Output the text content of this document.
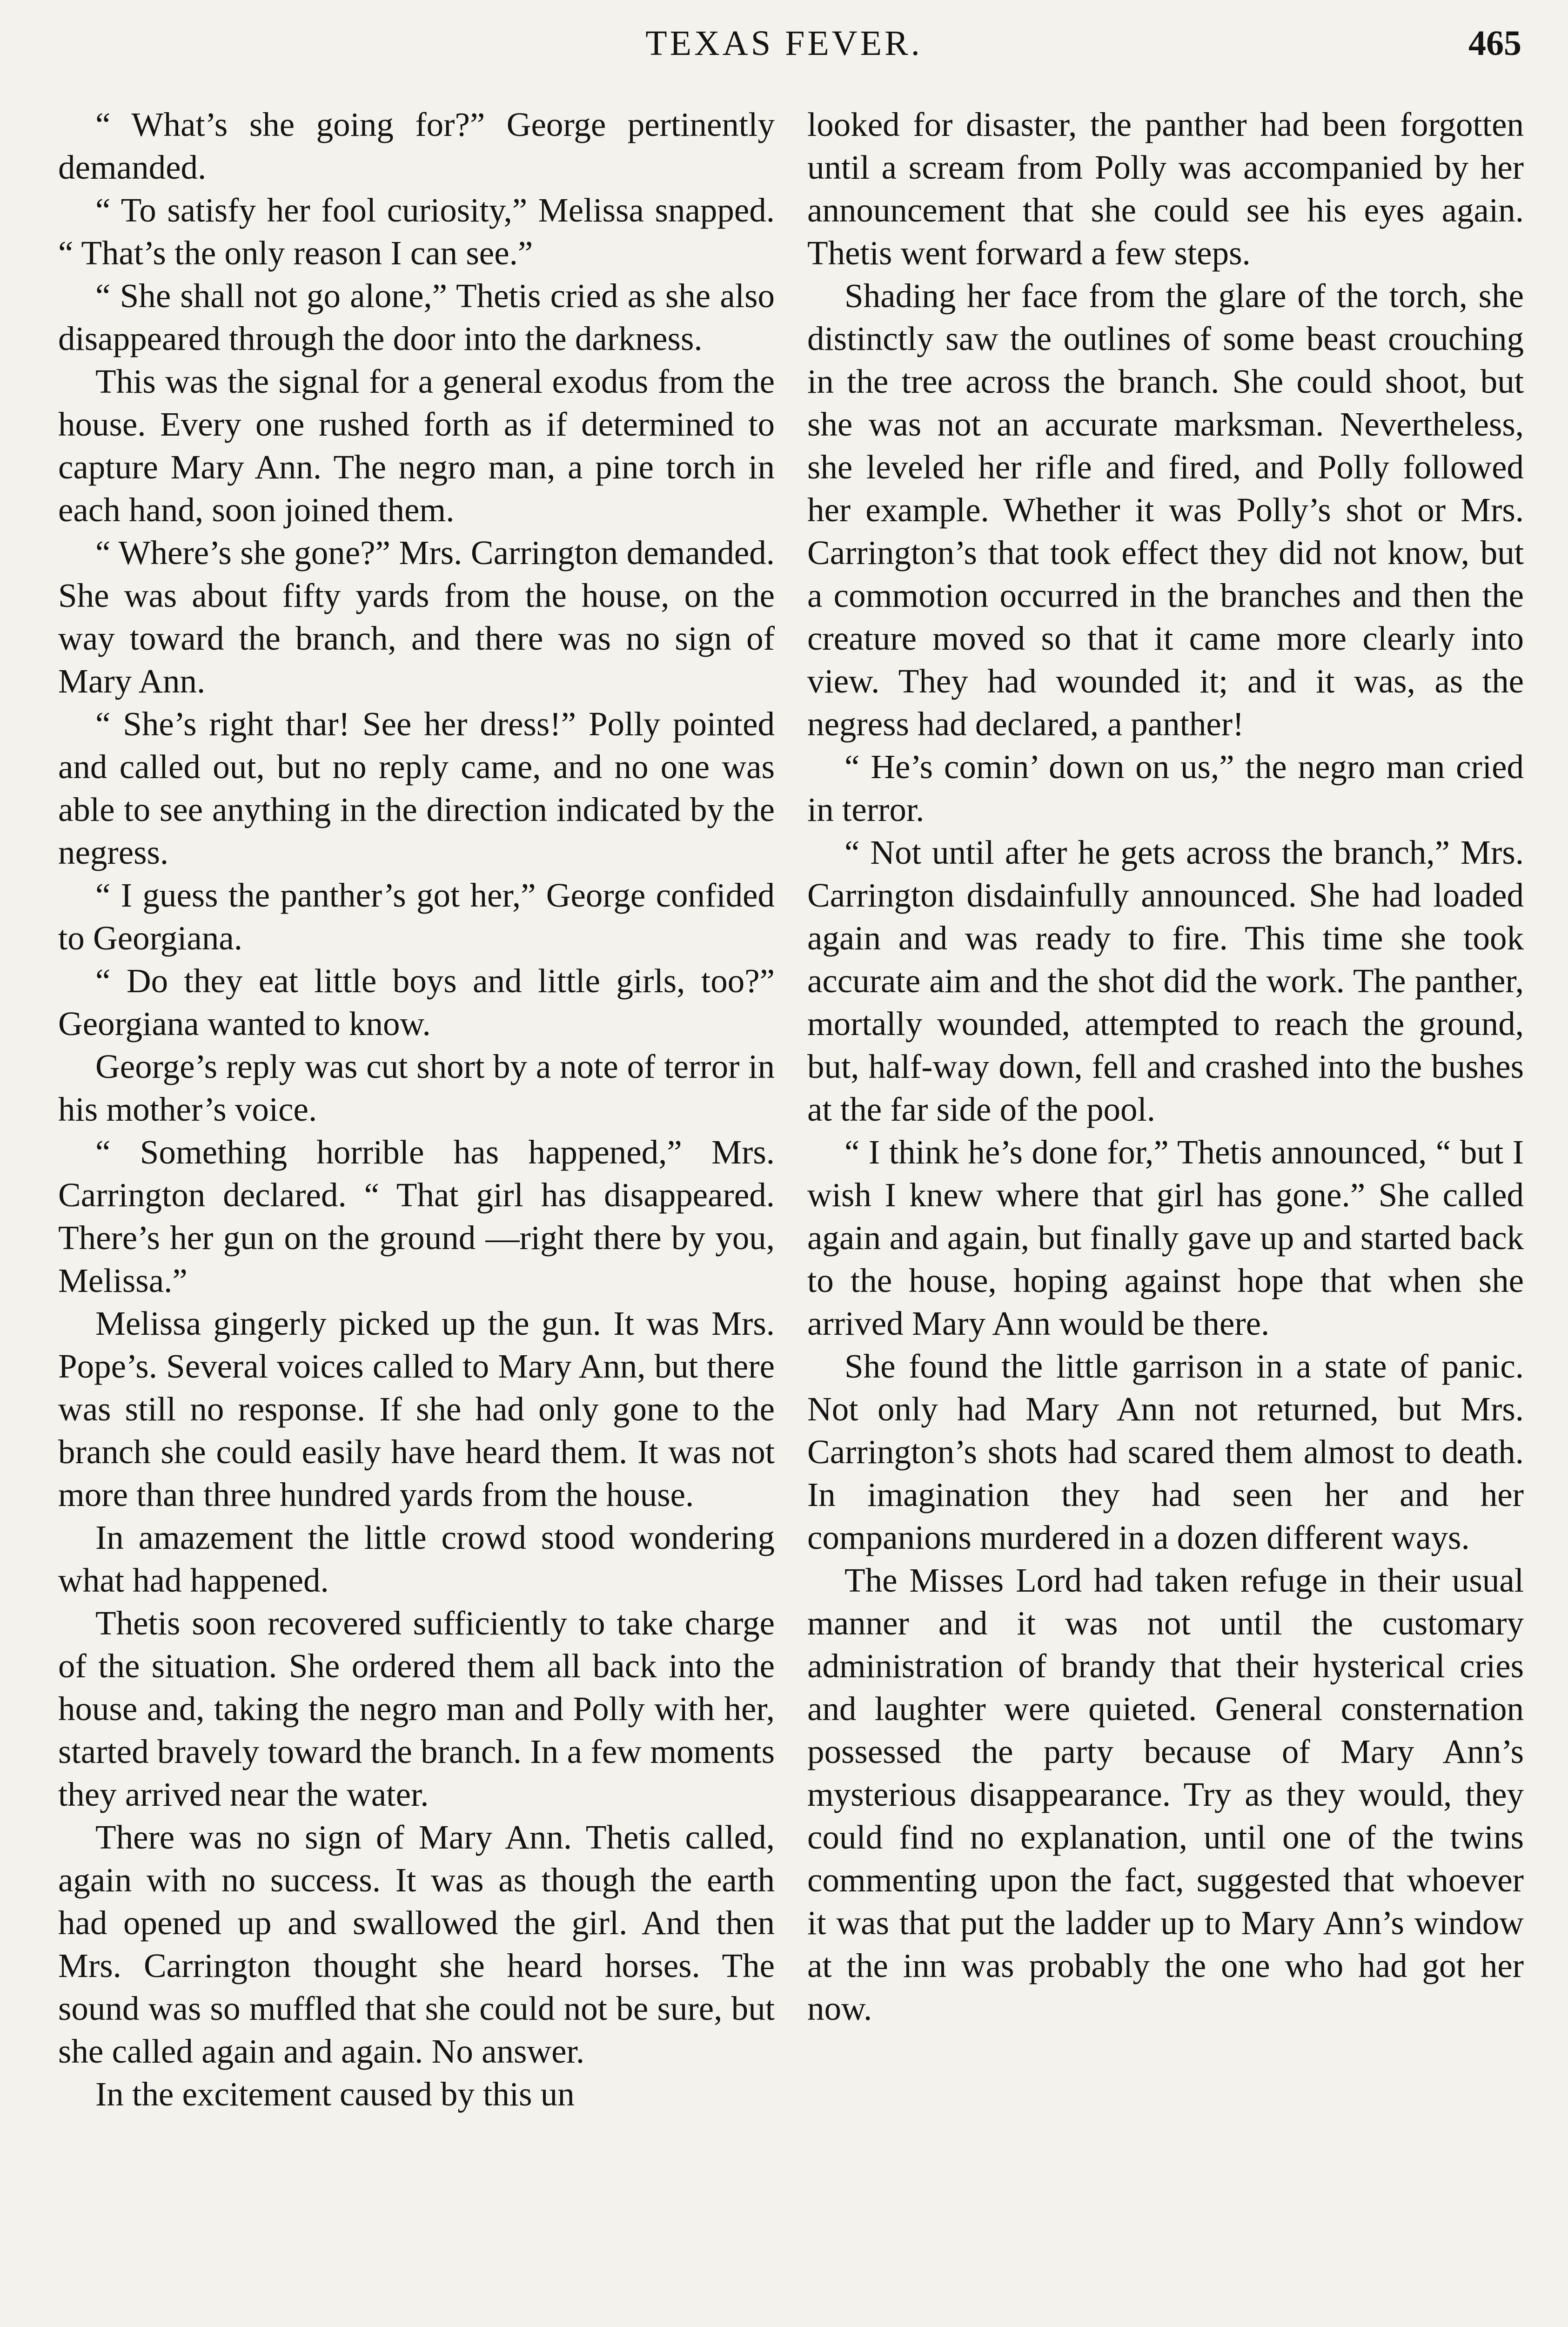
TEXAS FEVER.	465

“ What’s she going for?” George pertinently demanded.

“ To satisfy her fool curiosity,” Melissa snapped. “ That’s the only reason I can see.”

“ She shall not go alone,” Thetis cried as she also disappeared through the door into the darkness.

This was the signal for a general exodus from the house. Every one rushed forth as if determined to capture Mary Ann. The negro man, a pine torch in each hand, soon joined them.

“ Where’s she gone?” Mrs. Carrington demanded. She was about fifty yards from the house, on the way toward the branch, and there was no sign of Mary Ann.

“ She’s right thar! See her dress!” Polly pointed and called out, but no reply came, and no one was able to see anything in the direction indicated by the negress.

“ I guess the panther’s got her,” George confided to Georgiana.

“ Do they eat little boys and little girls, too?” Georgiana wanted to know.

George’s reply was cut short by a note of terror in his mother’s voice.

“ Something horrible has happened,” Mrs. Carrington declared. “ That girl has disappeared. There’s her gun on the ground —right there by you, Melissa.”

Melissa gingerly picked up the gun. It was Mrs. Pope’s. Several voices called to Mary Ann, but there was still no response. If she had only gone to the branch she could easily have heard them. It was not more than three hundred yards from the house.

In amazement the little crowd stood wondering what had happened.

Thetis soon recovered sufficiently to take charge of the situation. She ordered them all back into the house and, taking the negro man and Polly with her, started bravely toward the branch. In a few moments they arrived near the water.

There was no sign of Mary Ann. Thetis called, again with no success. It was as though the earth had opened up and swallowed the girl. And then Mrs. Carrington thought she heard horses. The sound was so muffled that she could not be sure, but she called again and again. No answer.

In the excitement caused by this un

looked for disaster, the panther had been forgotten until a scream from Polly was accompanied by her announcement that she could see his eyes again. Thetis went forward a few steps.

Shading her face from the glare of the torch, she distinctly saw the outlines of some beast crouching in the tree across the branch. She could shoot, but she was not an accurate marksman. Nevertheless, she leveled her rifle and fired, and Polly followed her example. Whether it was Polly’s shot or Mrs. Carrington’s that took effect they did not know, but a commotion occurred in the branches and then the creature moved so that it came more clearly into view. They had wounded it; and it was, as the negress had declared, a panther!

“ He’s comin’ down on us,” the negro man cried in terror.

“ Not until after he gets across the branch,” Mrs. Carrington disdainfully announced. She had loaded again and was ready to fire. This time she took accurate aim and the shot did the work. The panther, mortally wounded, attempted to reach the ground, but, half-way down, fell and crashed into the bushes at the far side of the pool.

“ I think he’s done for,” Thetis announced, “ but I wish I knew where that girl has gone.” She called again and again, but finally gave up and started back to the house, hoping against hope that when she arrived Mary Ann would be there.

She found the little garrison in a state of panic. Not only had Mary Ann not returned, but Mrs. Carrington’s shots had scared them almost to death. In imagination they had seen her and her companions murdered in a dozen different ways.

The Misses Lord had taken refuge in their usual manner and it was not until the customary administration of brandy that their hysterical cries and laughter were quieted. General consternation possessed the party because of Mary Ann’s mysterious disappearance. Try as they would, they could find no explanation, until one of the twins commenting upon the fact, suggested that whoever it was that put the ladder up to Mary Ann’s window at the inn was probably the one who had got her now.
